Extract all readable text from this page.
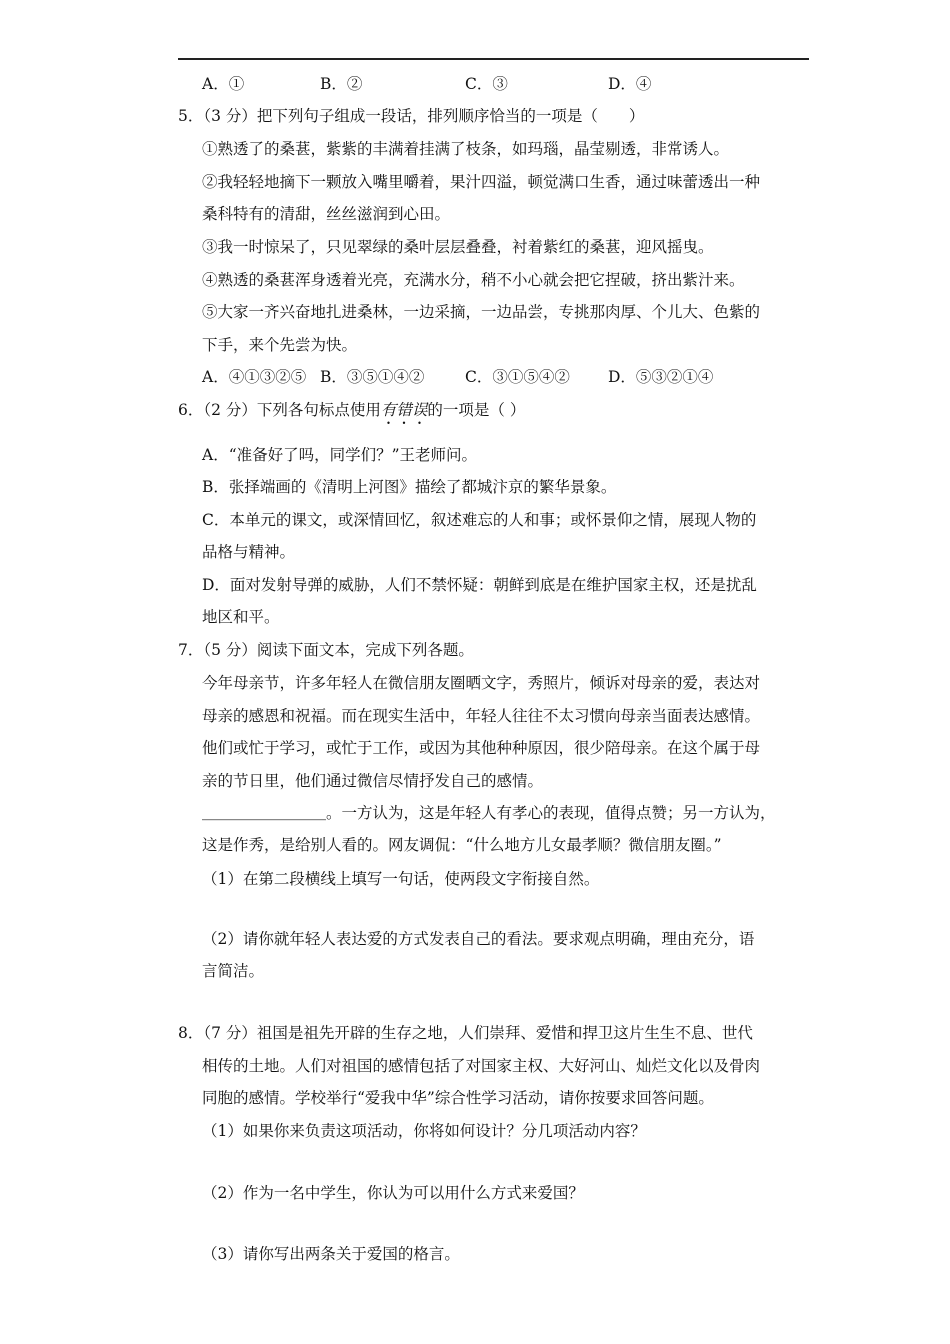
A．①	B．②	C．③	D．④
5．（3 分）把下列句子组成一段话，排列顺序恰当的一项是（　　）
①熟透了的桑葚，紫紫的丰满着挂满了枝条，如玛瑙，晶莹剔透，非常诱人。
②我轻轻地摘下一颗放入嘴里嚼着，果汁四溢，顿觉满口生香，通过味蕾透出一种
桑科特有的清甜，丝丝滋润到心田。
③我一时惊呆了，只见翠绿的桑叶层层叠叠，衬着紫红的桑葚，迎风摇曳。
④熟透的桑葚浑身透着光亮，充满水分，稍不小心就会把它捏破，挤出紫汁来。
⑤大家一齐兴奋地扎进桑林，一边采摘，一边品尝，专挑那肉厚、个儿大、色紫的
下手，来个先尝为快。
A．④①③②⑤ B．③⑤①④②	C．③①⑤④② D．⑤③②①④
6．（2 分）下列各句标点使用有错误的一项是（ ）
A．“准备好了吗，同学们？”王老师问。
B．张择端画的《清明上河图》描绘了都城汴京的繁华景象。
C．本单元的课文，或深情回忆，叙述难忘的人和事；或怀景仰之情，展现人物的
品格与精神。
D．面对发射导弹的威胁，人们不禁怀疑：朝鲜到底是在维护国家主权，还是扰乱
地区和平。
7．（5 分）阅读下面文本，完成下列各题。
今年母亲节，许多年轻人在微信朋友圈晒文字，秀照片，倾诉对母亲的爱，表达对
母亲的感恩和祝福。而在现实生活中，年轻人往往不太习惯向母亲当面表达感情。
他们或忙于学习，或忙于工作，或因为其他种种原因，很少陪母亲。在这个属于母
亲的节日里，他们通过微信尽情抒发自己的感情。
＿＿＿＿＿＿＿＿。一方认为，这是年轻人有孝心的表现，值得点赞；另一方认为，
这是作秀，是给别人看的。网友调侃：“什么地方儿女最孝顺？微信朋友圈。”
（1）在第二段横线上填写一句话，使两段文字衔接自然。
（2）请你就年轻人表达爱的方式发表自己的看法。要求观点明确，理由充分，语
言简洁。
8．（7 分）祖国是祖先开辟的生存之地，人们崇拜、爱惜和捍卫这片生生不息、世代
相传的土地。人们对祖国的感情包括了对国家主权、大好河山、灿烂文化以及骨肉
同胞的感情。学校举行“爱我中华”综合性学习活动，请你按要求回答问题。
（1）如果你来负责这项活动，你将如何设计？分几项活动内容？
（2）作为一名中学生，你认为可以用什么方式来爱国？
（3）请你写出两条关于爱国的格言。
